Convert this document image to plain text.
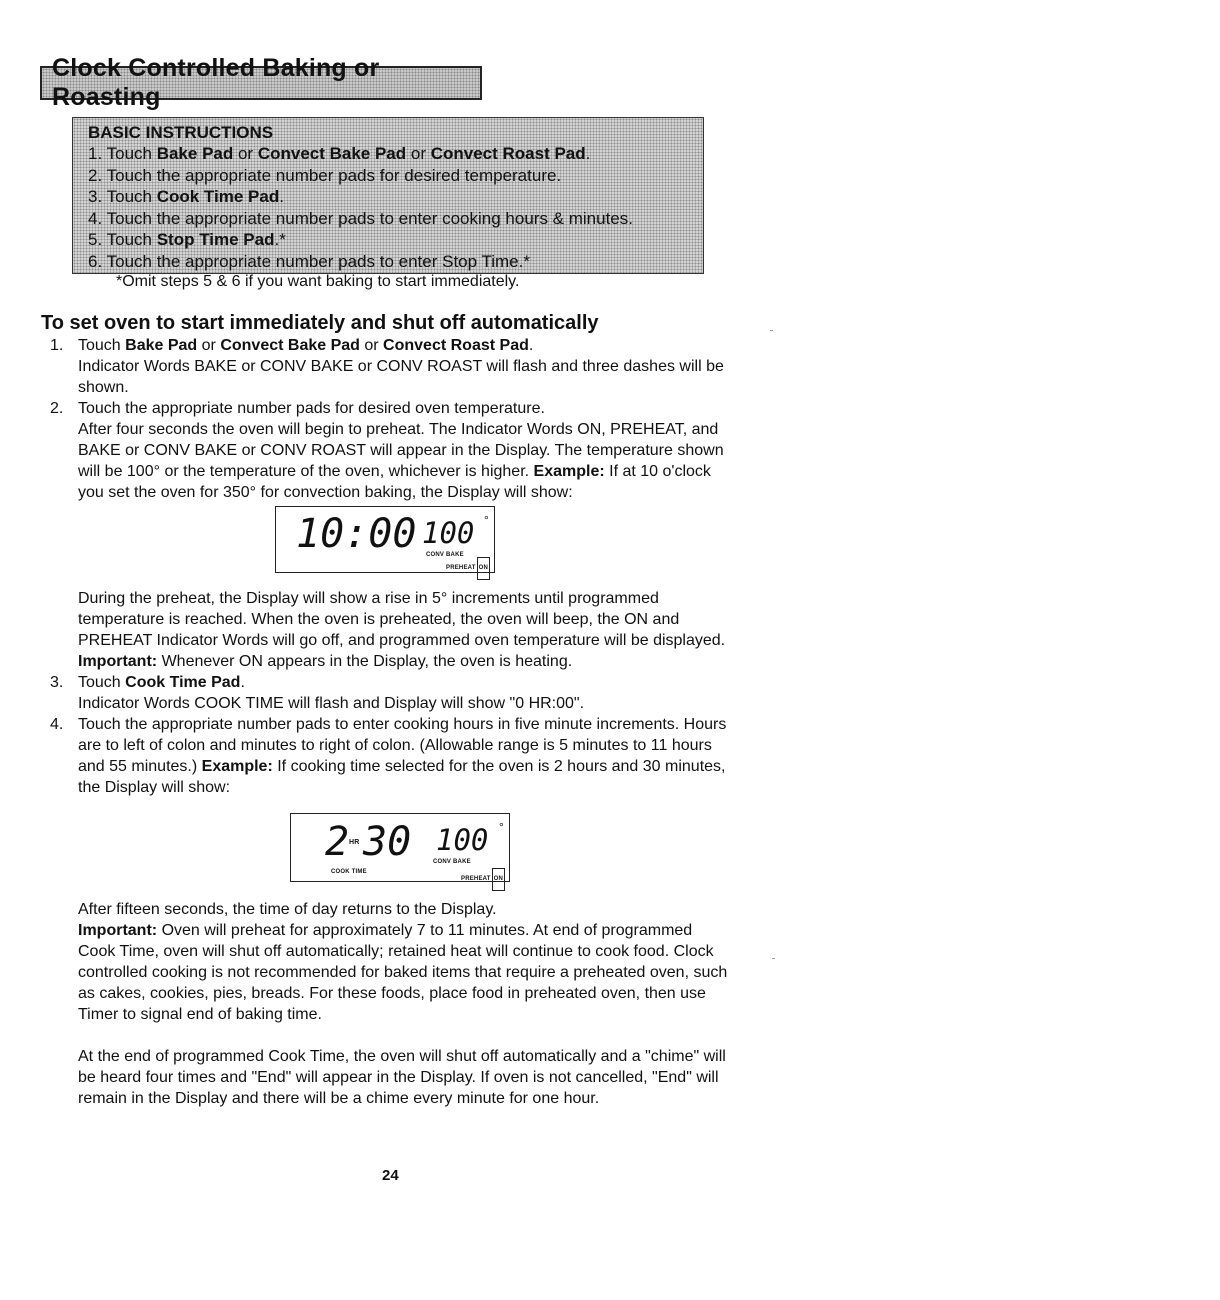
Clock Controlled Baking or Roasting
BASIC INSTRUCTIONS
1. Touch Bake Pad or Convect Bake Pad or Convect Roast Pad.
2. Touch the appropriate number pads for desired temperature.
3. Touch Cook Time Pad.
4. Touch the appropriate number pads to enter cooking hours & minutes.
5. Touch Stop Time Pad.*
6. Touch the appropriate number pads to enter Stop Time.*
*Omit steps 5 & 6 if you want baking to start immediately.
To set oven to start immediately and shut off automatically
1. Touch Bake Pad or Convect Bake Pad or Convect Roast Pad.
Indicator Words BAKE or CONV BAKE or CONV ROAST will flash and three dashes will be shown.
2. Touch the appropriate number pads for desired oven temperature.
After four seconds the oven will begin to preheat. The Indicator Words ON, PREHEAT, and BAKE or CONV BAKE or CONV ROAST will appear in the Display. The temperature shown will be 100° or the temperature of the oven, whichever is higher. Example: If at 10 o'clock you set the oven for 350° for convection baking, the Display will show:
10:00 100 °
CONV BAKE
PREHEAT ON

During the preheat, the Display will show a rise in 5° increments until programmed temperature is reached. When the oven is preheated, the oven will beep, the ON and PREHEAT Indicator Words will go off, and programmed oven temperature will be displayed. Important: Whenever ON appears in the Display, the oven is heating.

3. Touch Cook Time Pad.
Indicator Words COOK TIME will flash and Display will show "0 HR:00".
4. Touch the appropriate number pads to enter cooking hours in five minute increments. Hours are to left of colon and minutes to right of colon. (Allowable range is 5 minutes to 11 hours and 55 minutes.) Example: If cooking time selected for the oven is 2 hours and 30 minutes, the Display will show:
2 HR 30 100 °
COOK TIME
CONV BAKE
PREHEAT ON

After fifteen seconds, the time of day returns to the Display.

Important: Oven will preheat for approximately 7 to 11 minutes. At end of programmed Cook Time, oven will shut off automatically; retained heat will continue to cook food. Clock controlled cooking is not recommended for baked items that require a preheated oven, such as cakes, cookies, pies, breads. For these foods, place food in preheated oven, then use Timer to signal end of baking time.

At the end of programmed Cook Time, the oven will shut off automatically and a "chime" will be heard four times and "End" will appear in the Display. If oven is not cancelled, "End" will remain in the Display and there will be a chime every minute for one hour.

24
